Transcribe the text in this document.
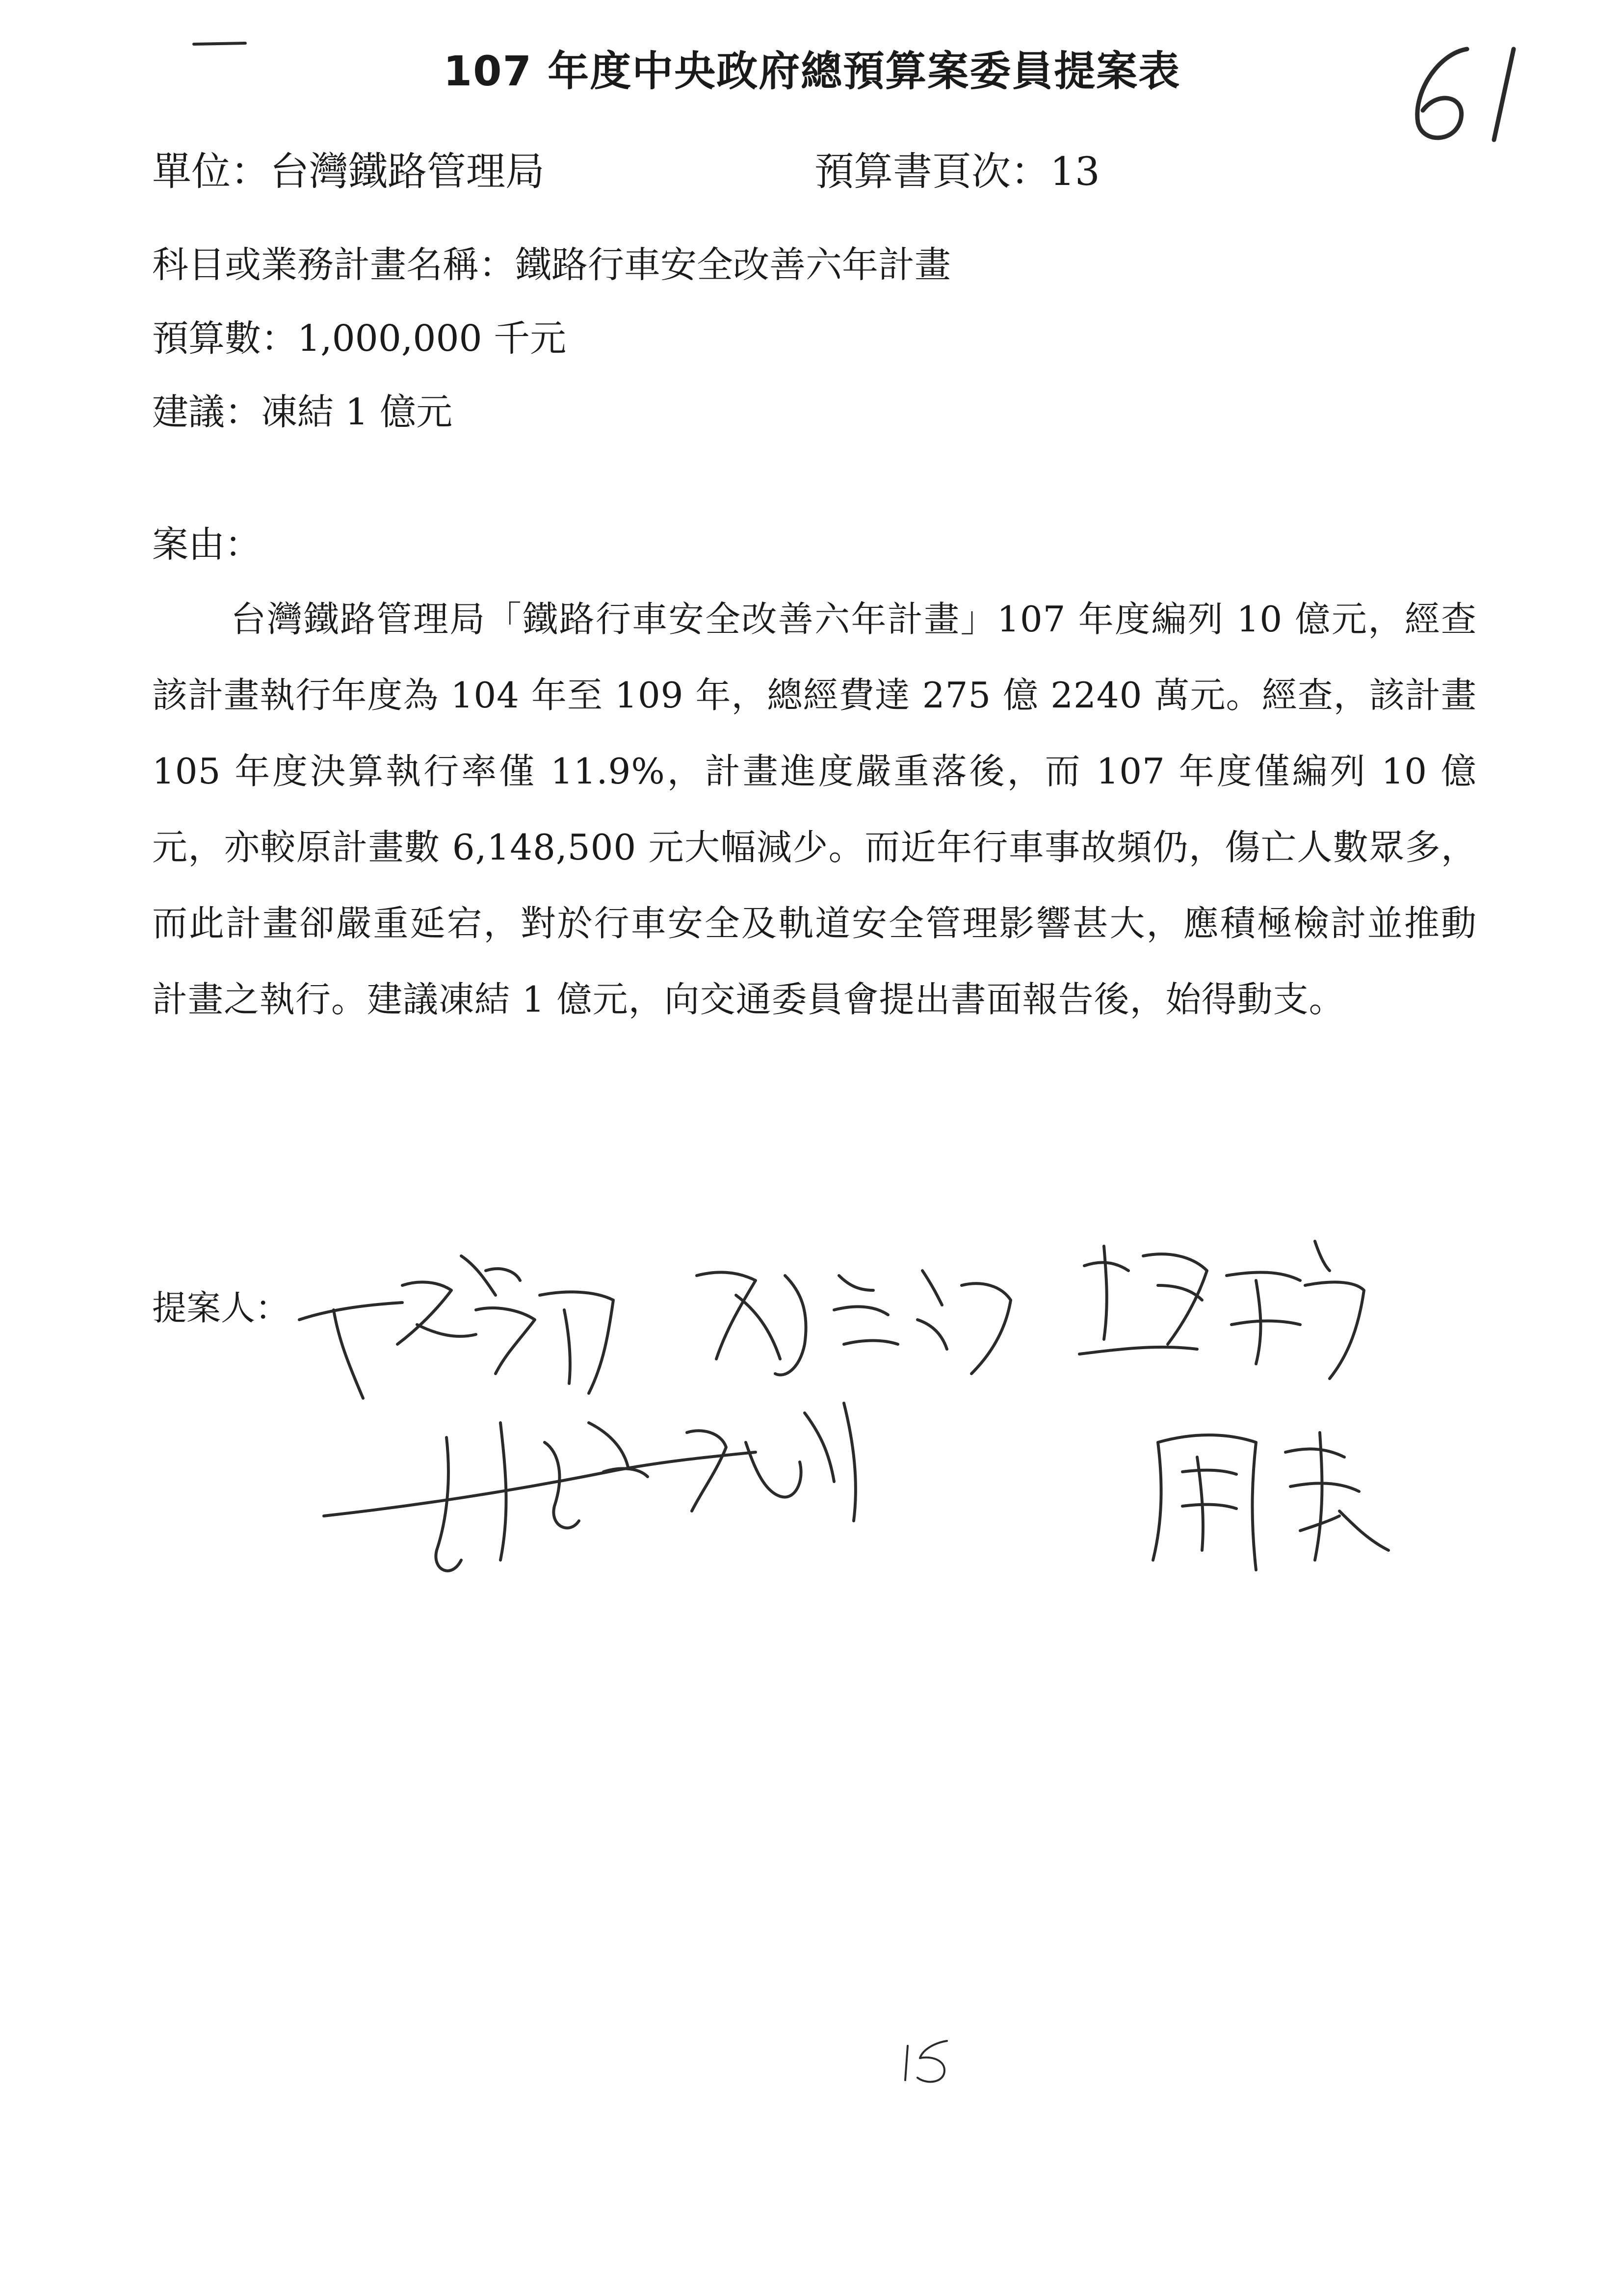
107 年度中央政府總預算案委員提案表
單位：台灣鐵路管理局	預算書頁次：13
科目或業務計畫名稱：鐵路行車安全改善六年計畫
預算數：1,000,000 千元
建議：凍結 1 億元
案由：
台灣鐵路管理局「鐵路行車安全改善六年計畫」107 年度編列 10 億元，經查該計畫執行年度為 104 年至 109 年，總經費達 275 億 2240 萬元。經查，該計畫 105 年度決算執行率僅 11.9%，計畫進度嚴重落後，而 107 年度僅編列 10 億元，亦較原計畫數 6,148,500 元大幅減少。而近年行車事故頻仍，傷亡人數眾多，而此計畫卻嚴重延宕，對於行車安全及軌道安全管理影響甚大，應積極檢討並推動計畫之執行。建議凍結 1 億元，向交通委員會提出書面報告後，始得動支。
提案人：
